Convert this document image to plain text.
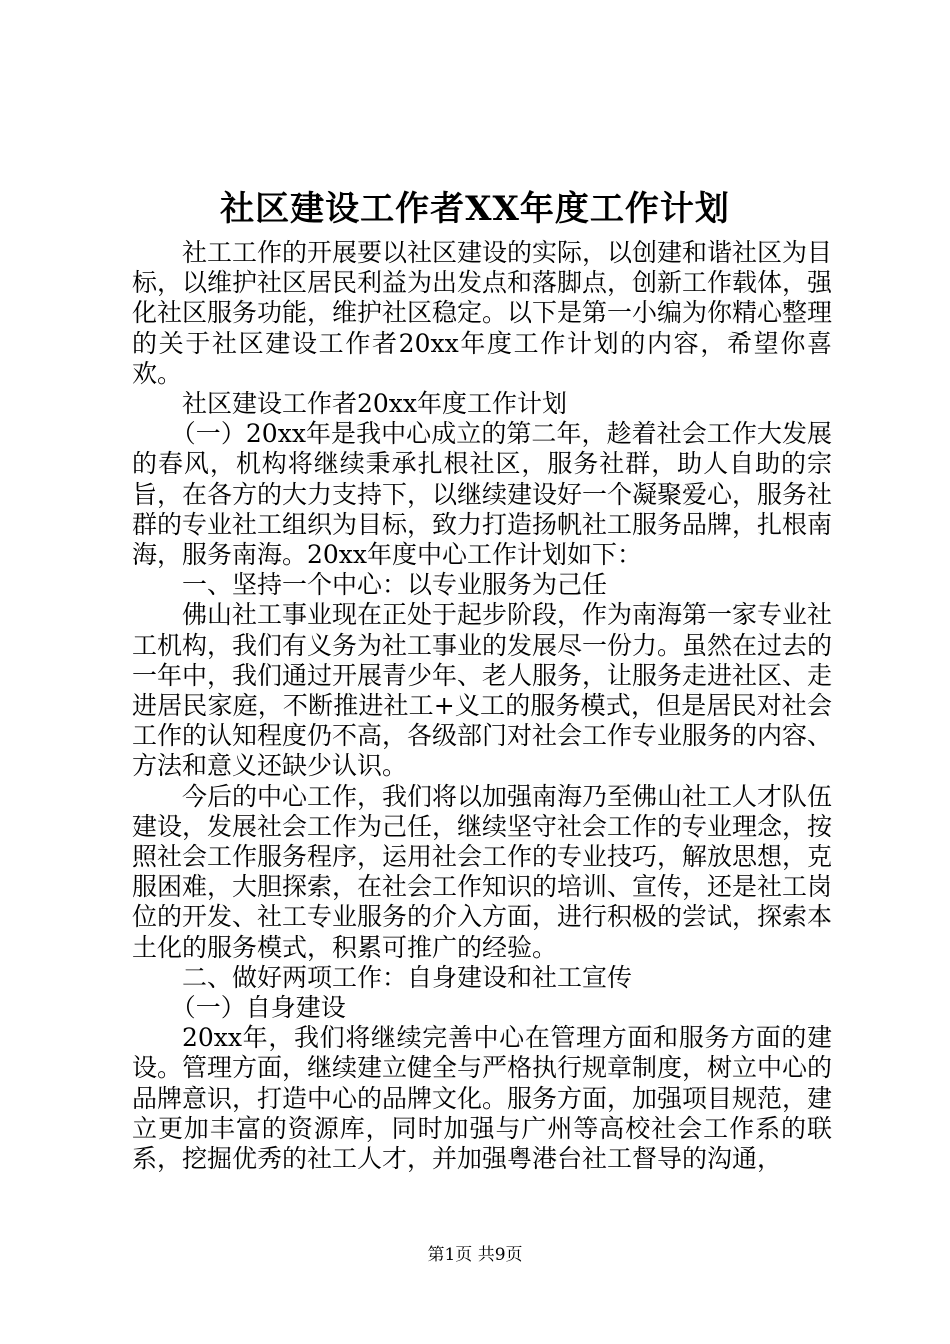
社区建设工作者XX年度工作计划

社工工作的开展要以社区建设的实际，以创建和谐社区为目标，以维护社区居民利益为出发点和落脚点，创新工作载体，强化社区服务功能，维护社区稳定。以下是第一小编为你精心整理的关于社区建设工作者20xx年度工作计划的内容，希望你喜欢。

社区建设工作者20xx年度工作计划

（一）20xx年是我中心成立的第二年，趁着社会工作大发展的春风，机构将继续秉承扎根社区，服务社群，助人自助的宗旨，在各方的大力支持下，以继续建设好一个凝聚爱心，服务社群的专业社工组织为目标，致力打造扬帆社工服务品牌，扎根南海，服务南海。20xx年度中心工作计划如下：

一、坚持一个中心：以专业服务为己任

佛山社工事业现在正处于起步阶段，作为南海第一家专业社工机构，我们有义务为社工事业的发展尽一份力。虽然在过去的一年中，我们通过开展青少年、老人服务，让服务走进社区、走进居民家庭，不断推进社工+义工的服务模式，但是居民对社会工作的认知程度仍不高，各级部门对社会工作专业服务的内容、方法和意义还缺少认识。

今后的中心工作，我们将以加强南海乃至佛山社工人才队伍建设，发展社会工作为己任，继续坚守社会工作的专业理念，按照社会工作服务程序，运用社会工作的专业技巧，解放思想，克服困难，大胆探索，在社会工作知识的培训、宣传，还是社工岗位的开发、社工专业服务的介入方面，进行积极的尝试，探索本土化的服务模式，积累可推广的经验。

二、做好两项工作：自身建设和社工宣传

（一）自身建设

20xx年，我们将继续完善中心在管理方面和服务方面的建设。管理方面，继续建立健全与严格执行规章制度，树立中心的品牌意识，打造中心的品牌文化。服务方面，加强项目规范，建立更加丰富的资源库，同时加强与广州等高校社会工作系的联系，挖掘优秀的社工人才，并加强粤港台社工督导的沟通，

第1页 共9页
